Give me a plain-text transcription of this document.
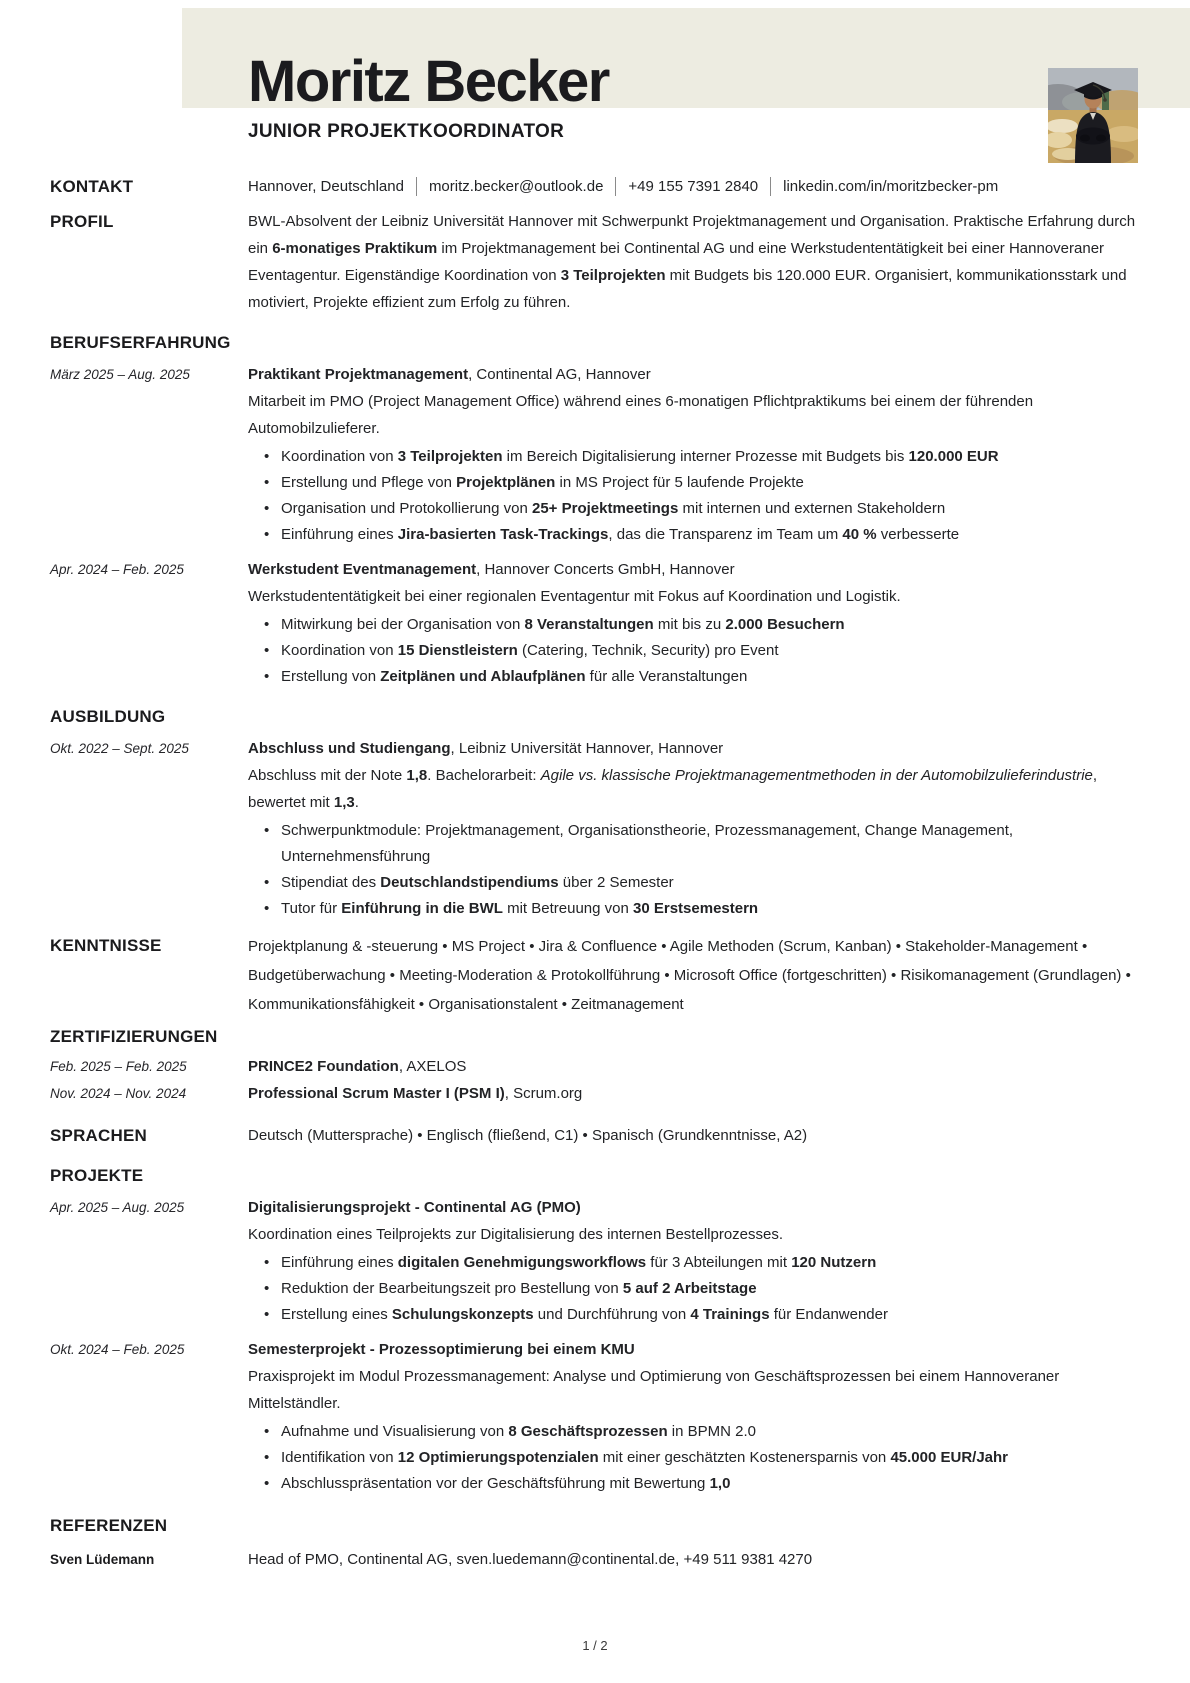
Moritz Becker
JUNIOR PROJEKTKOORDINATOR
KONTAKT	Hannover, Deutschland moritz.becker@outlook.de +49 155 7391 2840 linkedin.com/in/moritzbecker-pm
PROFIL	BWL-Absolvent der Leibniz Universität Hannover mit Schwerpunkt Projektmanagement und Organisation. Praktische Erfahrung durch ein 6-monatiges Praktikum im Projektmanagement bei Continental AG und eine Werkstudententätigkeit bei einer Hannoveraner Eventagentur. Eigenständige Koordination von 3 Teilprojekten mit Budgets bis 120.000 EUR. Organisiert, kommunikationsstark und motiviert, Projekte effizient zum Erfolg zu führen.
BERUFSERFAHRUNG
März 2025 – Aug. 2025	Praktikant Projektmanagement, Continental AG, Hannover
Mitarbeit im PMO (Project Management Office) während eines 6-monatigen Pflichtpraktikums bei einem der führenden Automobilzulieferer.
• Koordination von 3 Teilprojekten im Bereich Digitalisierung interner Prozesse mit Budgets bis 120.000 EUR
• Erstellung und Pflege von Projektplänen in MS Project für 5 laufende Projekte
• Organisation und Protokollierung von 25+ Projektmeetings mit internen und externen Stakeholdern
• Einführung eines Jira-basierten Task-Trackings, das die Transparenz im Team um 40 % verbesserte
Apr. 2024 – Feb. 2025	Werkstudent Eventmanagement, Hannover Concerts GmbH, Hannover
Werkstudententätigkeit bei einer regionalen Eventagentur mit Fokus auf Koordination und Logistik.
• Mitwirkung bei der Organisation von 8 Veranstaltungen mit bis zu 2.000 Besuchern
• Koordination von 15 Dienstleistern (Catering, Technik, Security) pro Event
• Erstellung von Zeitplänen und Ablaufplänen für alle Veranstaltungen
AUSBILDUNG
Okt. 2022 – Sept. 2025	Abschluss und Studiengang, Leibniz Universität Hannover, Hannover
Abschluss mit der Note 1,8. Bachelorarbeit: Agile vs. klassische Projektmanagementmethoden in der Automobilzulieferindustrie, bewertet mit 1,3.
• Schwerpunktmodule: Projektmanagement, Organisationstheorie, Prozessmanagement, Change Management, Unternehmensführung
• Stipendiat des Deutschlandstipendiums über 2 Semester
• Tutor für Einführung in die BWL mit Betreuung von 30 Erstsemestern
KENNTNISSE	Projektplanung & -steuerung • MS Project • Jira & Confluence • Agile Methoden (Scrum, Kanban) • Stakeholder-Management • Budgetüberwachung • Meeting-Moderation & Protokollführung • Microsoft Office (fortgeschritten) • Risikomanagement (Grundlagen) • Kommunikationsfähigkeit • Organisationstalent • Zeitmanagement
ZERTIFIZIERUNGEN
Feb. 2025 – Feb. 2025	PRINCE2 Foundation, AXELOS
Nov. 2024 – Nov. 2024	Professional Scrum Master I (PSM I), Scrum.org
SPRACHEN	Deutsch (Muttersprache) • Englisch (fließend, C1) • Spanisch (Grundkenntnisse, A2)
PROJEKTE
Apr. 2025 – Aug. 2025	Digitalisierungsprojekt - Continental AG (PMO)
Koordination eines Teilprojekts zur Digitalisierung des internen Bestellprozesses.
• Einführung eines digitalen Genehmigungsworkflows für 3 Abteilungen mit 120 Nutzern
• Reduktion der Bearbeitungszeit pro Bestellung von 5 auf 2 Arbeitstage
• Erstellung eines Schulungskonzepts und Durchführung von 4 Trainings für Endanwender
Okt. 2024 – Feb. 2025	Semesterprojekt - Prozessoptimierung bei einem KMU
Praxisprojekt im Modul Prozessmanagement: Analyse und Optimierung von Geschäftsprozessen bei einem Hannoveraner Mittelständler.
• Aufnahme und Visualisierung von 8 Geschäftsprozessen in BPMN 2.0
• Identifikation von 12 Optimierungspotenzialen mit einer geschätzten Kostenersparnis von 45.000 EUR/Jahr
• Abschlusspräsentation vor der Geschäftsführung mit Bewertung 1,0
REFERENZEN
Sven Lüdemann	Head of PMO, Continental AG, sven.luedemann@continental.de, +49 511 9381 4270
1 / 2
